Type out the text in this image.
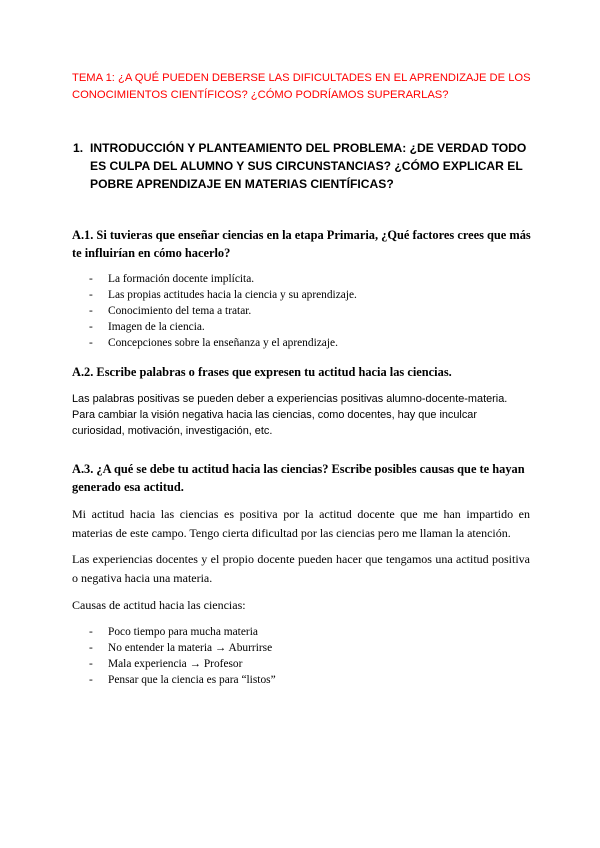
TEMA 1: ¿A QUÉ PUEDEN DEBERSE LAS DIFICULTADES EN EL APRENDIZAJE DE LOS CONOCIMIENTOS CIENTÍFICOS? ¿CÓMO PODRÍAMOS SUPERARLAS?

1. INTRODUCCIÓN Y PLANTEAMIENTO DEL PROBLEMA: ¿DE VERDAD TODO ES CULPA DEL ALUMNO Y SUS CIRCUNSTANCIAS? ¿CÓMO EXPLICAR EL POBRE APRENDIZAJE EN MATERIAS CIENTÍFICAS?

A.1. Si tuvieras que enseñar ciencias en la etapa Primaria, ¿Qué factores crees que más te influirían en cómo hacerlo?

- La formación docente implícita.
- Las propias actitudes hacia la ciencia y su aprendizaje.
- Conocimiento del tema a tratar.
- Imagen de la ciencia.
- Concepciones sobre la enseñanza y el aprendizaje.

A.2. Escribe palabras o frases que expresen tu actitud hacia las ciencias.

Las palabras positivas se pueden deber a experiencias positivas alumno-docente-materia. Para cambiar la visión negativa hacia las ciencias, como docentes, hay que inculcar curiosidad, motivación, investigación, etc.

A.3. ¿A qué se debe tu actitud hacia las ciencias? Escribe posibles causas que te hayan generado esa actitud.

Mi actitud hacia las ciencias es positiva por la actitud docente que me han impartido en materias de este campo. Tengo cierta dificultad por las ciencias pero me llaman la atención.

Las experiencias docentes y el propio docente pueden hacer que tengamos una actitud positiva o negativa hacia una materia.

Causas de actitud hacia las ciencias:

- Poco tiempo para mucha materia
- No entender la materia → Aburrirse
- Mala experiencia → Profesor
- Pensar que la ciencia es para “listos”
